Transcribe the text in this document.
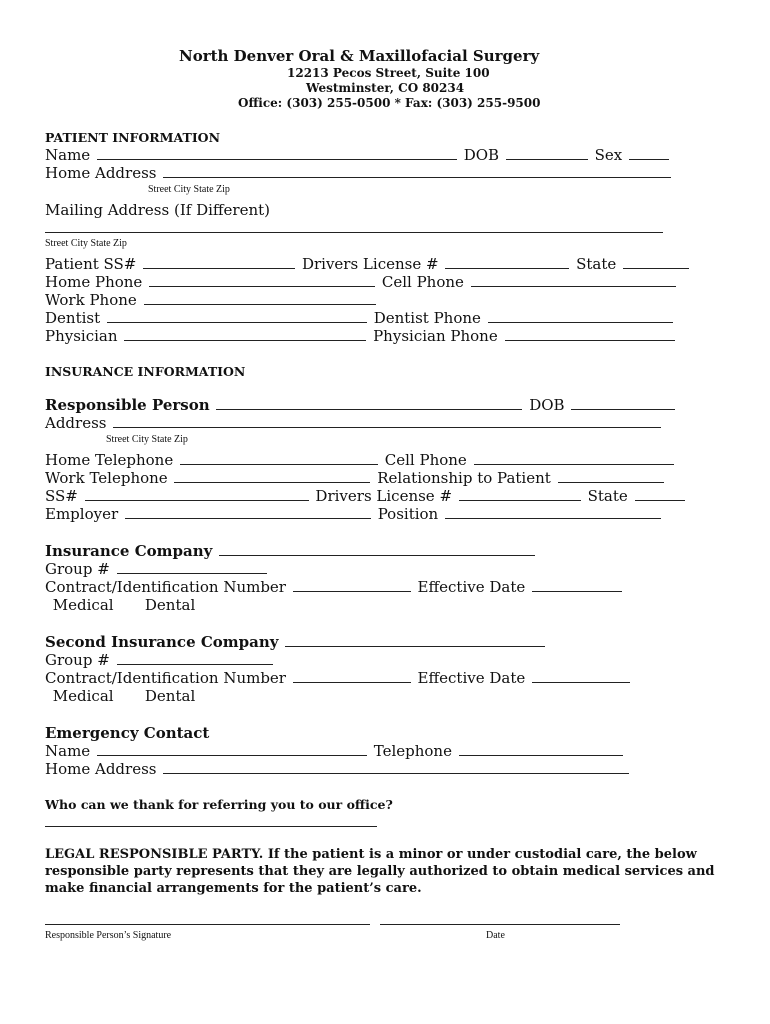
North Denver Oral & Maxillofacial Surgery
12213 Pecos Street, Suite 100
Westminster, CO 80234
Office: (303) 255-0500 * Fax: (303) 255-9500
PATIENT INFORMATION
Name	DOB	Sex
Home Address
Street City State Zip
Mailing Address (If Different)
Street City State Zip
Patient SS#	Drivers License #	State
Home Phone	Cell Phone
Work Phone
Dentist	Dentist Phone
Physician	Physician Phone
INSURANCE INFORMATION
Responsible Person	DOB
Address
Street City State Zip
Home Telephone	Cell Phone
Work Telephone	Relationship to Patient
SS#	Drivers License #	State
Employer	Position
Insurance Company
Group #
Contract/Identification Number	Effective Date
Medical Dental
Second Insurance Company
Group #
Contract/Identification Number	Effective Date
Medical Dental
Emergency Contact
Name	Telephone
Home Address
Who can we thank for referring you to our office?
LEGAL RESPONSIBLE PARTY. If the patient is a minor or under custodial care, the below responsible party represents that they are legally authorized to obtain medical services and make financial arrangements for the patient’s care.
Responsible Person’s Signature	Date
